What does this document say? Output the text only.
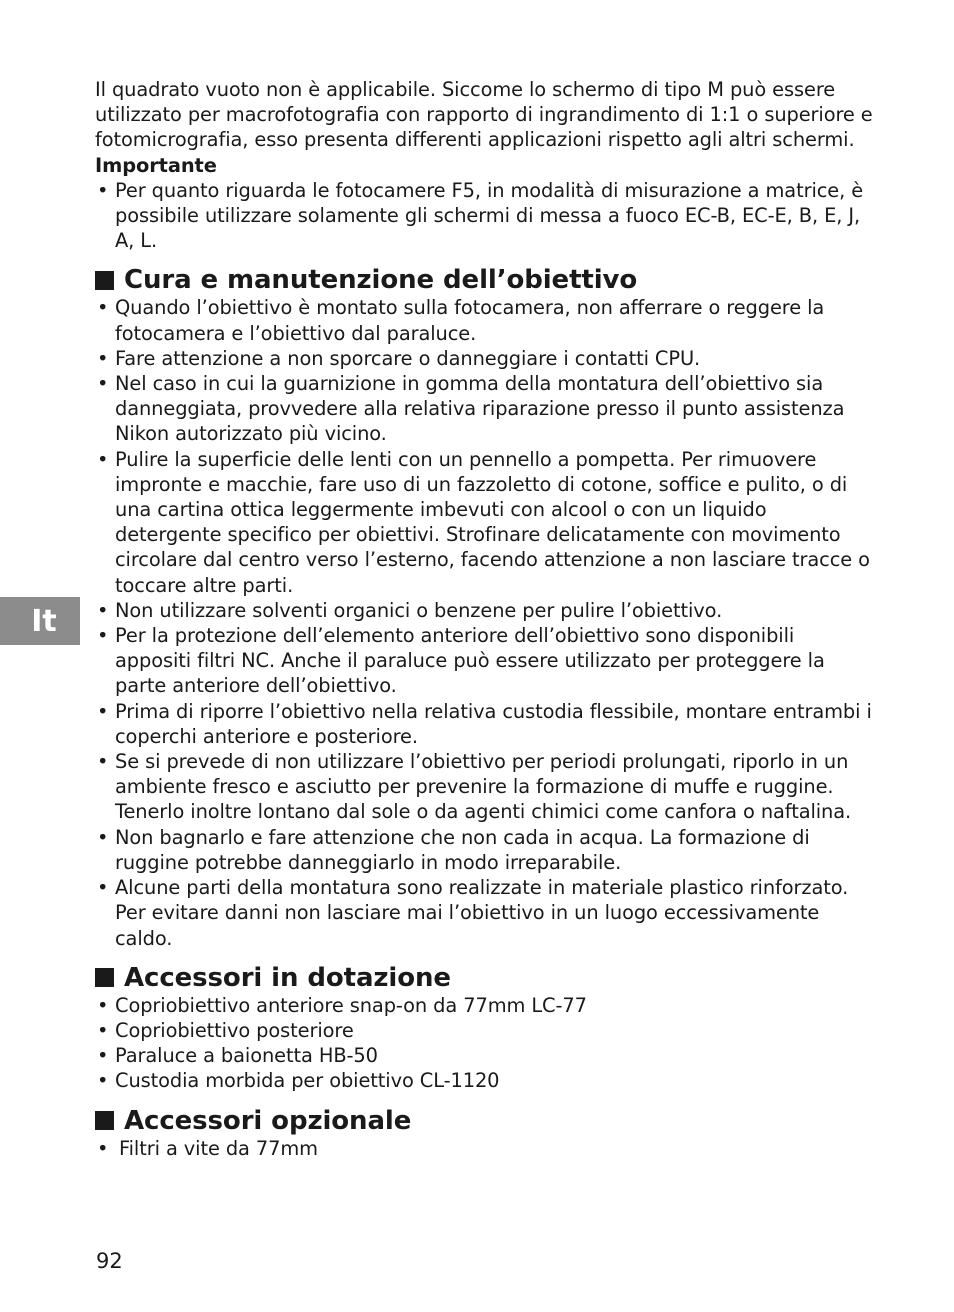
Il quadrato vuoto non è applicabile. Siccome lo schermo di tipo M può essere utilizzato per macrofotografia con rapporto di ingrandimento di 1:1 o superiore e fotomicrografia, esso presenta differenti applicazioni rispetto agli altri schermi.

Importante

• Per quanto riguarda le fotocamere F5, in modalità di misurazione a matrice, è possibile utilizzare solamente gli schermi di messa a fuoco EC-B, EC-E, B, E, J, A, L.
Cura e manutenzione dell’obiettivo
• Quando l’obiettivo è montato sulla fotocamera, non afferrare o reggere la fotocamera e l’obiettivo dal paraluce.
• Fare attenzione a non sporcare o danneggiare i contatti CPU.
• Nel caso in cui la guarnizione in gomma della montatura dell’obiettivo sia danneggiata, provvedere alla relativa riparazione presso il punto assistenza Nikon autorizzato più vicino.
• Pulire la superficie delle lenti con un pennello a pompetta. Per rimuovere impronte e macchie, fare uso di un fazzoletto di cotone, soffice e pulito, o di una cartina ottica leggermente imbevuti con alcool o con un liquido detergente specifico per obiettivi. Strofinare delicatamente con movimento circolare dal centro verso l’esterno, facendo attenzione a non lasciare tracce o toccare altre parti.
• Non utilizzare solventi organici o benzene per pulire l’obiettivo.
• Per la protezione dell’elemento anteriore dell’obiettivo sono disponibili appositi filtri NC. Anche il paraluce può essere utilizzato per proteggere la parte anteriore dell’obiettivo.
• Prima di riporre l’obiettivo nella relativa custodia flessibile, montare entrambi i coperchi anteriore e posteriore.
• Se si prevede di non utilizzare l’obiettivo per periodi prolungati, riporlo in un ambiente fresco e asciutto per prevenire la formazione di muffe e ruggine. Tenerlo inoltre lontano dal sole o da agenti chimici come canfora o naftalina.
• Non bagnarlo e fare attenzione che non cada in acqua. La formazione di ruggine potrebbe danneggiarlo in modo irreparabile.
• Alcune parti della montatura sono realizzate in materiale plastico rinforzato. Per evitare danni non lasciare mai l’obiettivo in un luogo eccessivamente caldo.
Accessori in dotazione
• Copriobiettivo anteriore snap-on da 77mm LC-77
• Copriobiettivo posteriore
• Paraluce a baionetta HB-50
• Custodia morbida per obiettivo CL-1120
Accessori opzionale
• Filtri a vite da 77mm
It
92
